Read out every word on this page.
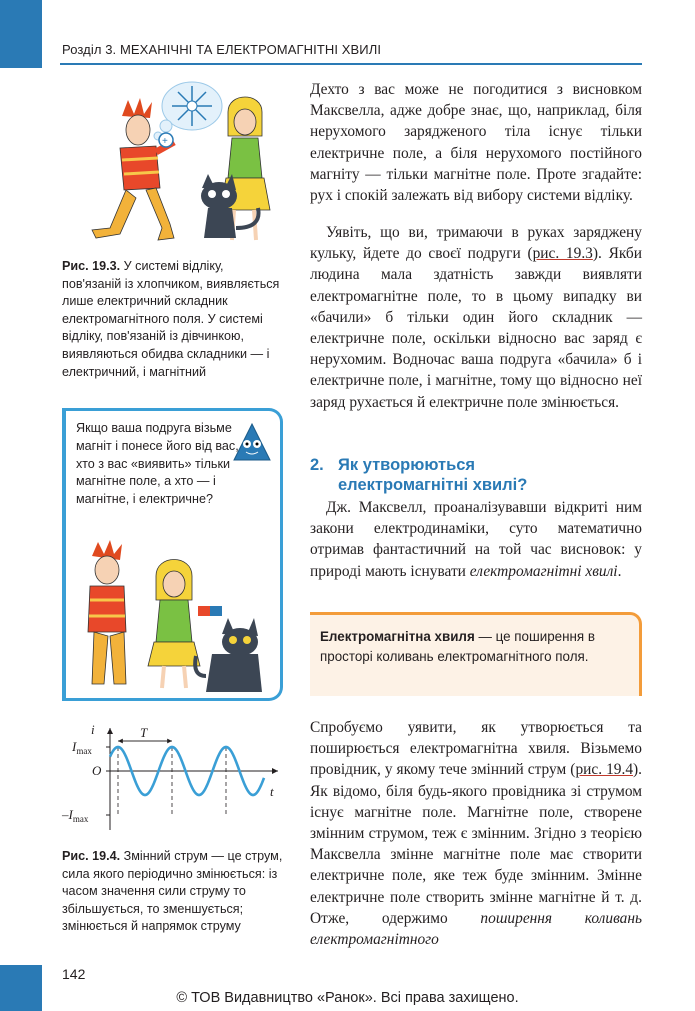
Розділ 3. МЕХАНІЧНІ ТА ЕЛЕКТРОМАГНІТНІ ХВИЛІ
+
Рис. 19.3. У системі відліку, пов'язаній із хлопчиком, виявляється лише електричний складник електромагнітного поля. У системі відліку, пов'язаній із дівчинкою, виявляються обидва складники — і електричний, і магнітний
Якщо ваша подруга візьме магніт і понесе його від вас, хто з вас «виявить» тільки магнітне поле, а хто — і магнітне, і електричне?
i
t
O
T
$I_{max}$
$-I_{max}$
Рис. 19.4. Змінний струм — це струм, сила якого періодично змінюється: із часом значення сили струму то збільшується, то зменшується; змінюється й напрямок струму

Дехто з вас може не погодитися з висновком Максвелла, адже добре знає, що, наприклад, біля нерухомого зарядженого тіла існує тільки електричне поле, а біля нерухомого постійного магніту — тільки магнітне поле. Проте згадайте: рух і спокій залежать від вибору системи відліку.

Уявіть, що ви, тримаючи в руках заряджену кульку, йдете до своєї подруги (рис. 19.3). Якби людина мала здатність завжди виявляти електромагнітне поле, то в цьому випадку ви «бачили» б тільки один його складник — електричне поле, оскільки відносно вас заряд є нерухомим. Водночас ваша подруга «бачила» б і електричне поле, і магнітне, тому що відносно неї заряд рухається й електричне поле змінюється.

2. Як утворюються

електромагнітні хвилі?

Дж. Максвелл, проаналізувавши відкриті ним закони електродинаміки, суто математично отримав фантастичний на той час висновок: у природі мають існувати електромагнітні хвилі.

Електромагнітна хвиля — це поширення в просторі коливань електромагнітного поля.

Спробуємо уявити, як утворюється та поширюється електромагнітна хвиля. Візьмемо провідник, у якому тече змінний струм (рис. 19.4). Як відомо, біля будь-якого провідника зі струмом існує магнітне поле. Магнітне поле, створене змінним струмом, теж є змінним. Згідно з теорією Максвелла змінне магнітне поле має створити електричне поле, яке теж буде змінним. Змінне електричне поле створить змінне магнітне й т. д. Отже, одержимо поширення коливань електромагнітного

142
© ТОВ Видавництво «Ранок». Всі права захищено.
